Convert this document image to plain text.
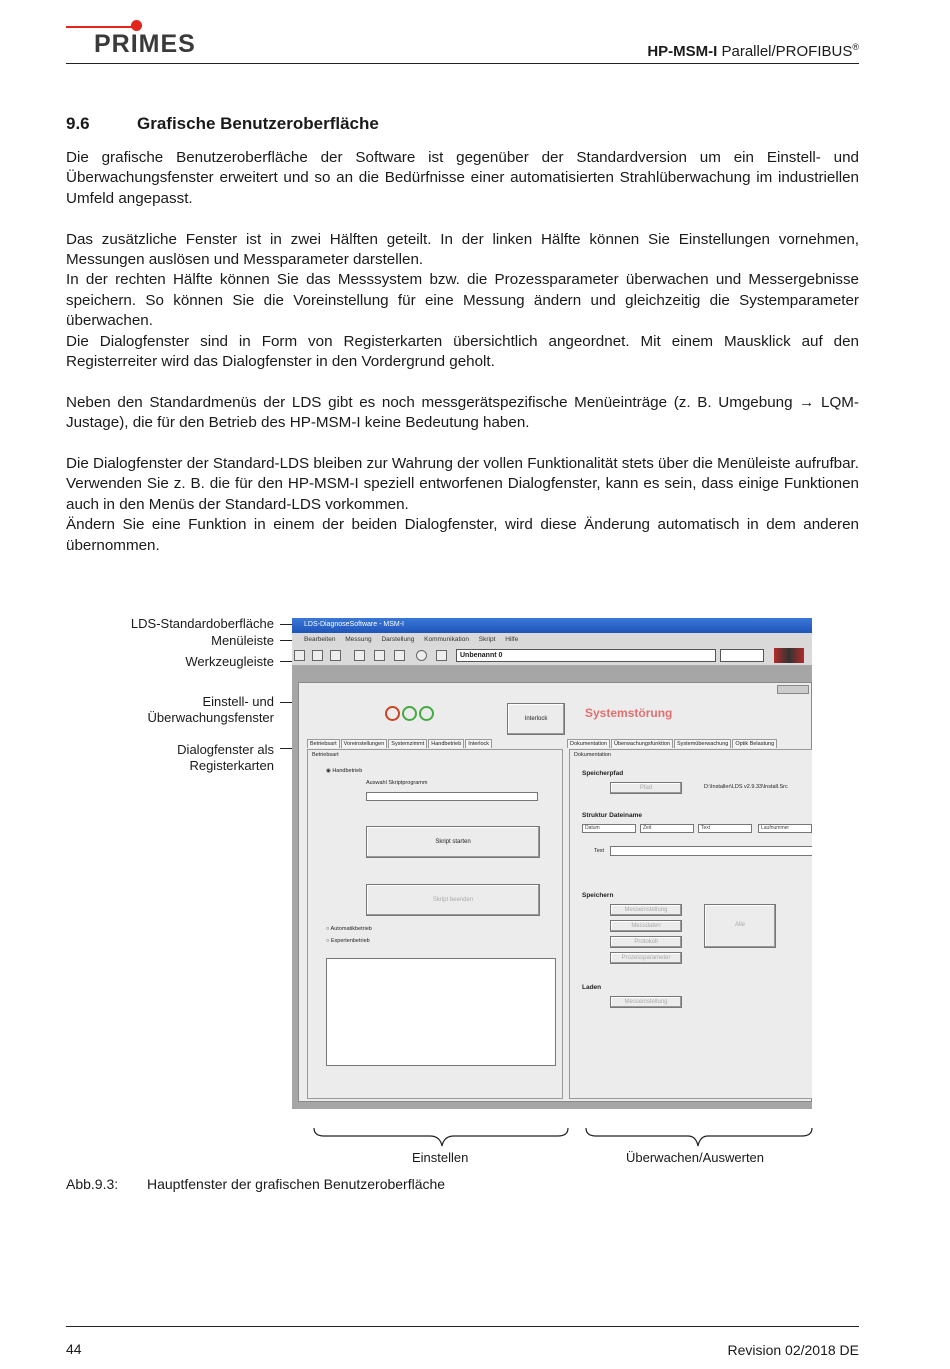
PRIMES	HP-MSM-I Parallel/PROFIBUS®
9.6	Grafische Benutzeroberfläche

Die grafische Benutzeroberfläche der Software ist gegenüber der Standardversion um ein Einstell- und Überwachungsfenster erweitert und so an die Bedürfnisse einer automatisierten Strahlüberwachung im industriellen Umfeld angepasst.

Das zusätzliche Fenster ist in zwei Hälften geteilt. In der linken Hälfte können Sie Einstellungen vornehmen, Messungen auslösen und Messparameter darstellen.

In der rechten Hälfte können Sie das Messsystem bzw. die Prozessparameter überwachen und Messergebnisse speichern. So können Sie die Voreinstellung für eine Messung ändern und gleichzeitig die Systemparameter überwachen.

Die Dialogfenster sind in Form von Registerkarten übersichtlich angeordnet. Mit einem Mausklick auf den Registerreiter wird das Dialogfenster in den Vordergrund geholt.

Neben den Standardmenüs der LDS gibt es noch messgerätspezifische Menüeinträge (z. B. Umgebung → LQM-Justage), die für den Betrieb des HP-MSM-I keine Bedeutung haben.

Die Dialogfenster der Standard-LDS bleiben zur Wahrung der vollen Funktionalität stets über die Menüleiste aufrufbar.

Verwenden Sie z. B. die für den HP-MSM-I speziell entworfenen Dialogfenster, kann es sein, dass einige Funktionen auch in den Menüs der Standard-LDS vorkommen.

Ändern Sie eine Funktion in einem der beiden Dialogfenster, wird diese Änderung automatisch in dem anderen übernommen.

LDS-Standardoberfläche
Menüleiste
Werkzeugleiste
Einstell- und
Überwachungsfenster
Dialogfenster als
Registerkarten
LDS-DiagnoseSoftware - MSM-I
Bearbeiten Messung Darstellung Kommunikation Skript Hilfe
Unbenannt 0
Interlock	Systemstörung
Betriebsart Voreinstellungen Systemzimmt Handbetrieb Interlock	Dokumentation Überwachungsfunktion Systemüberwachung Optik Belastung
Betriebsart
◉ Handbetrieb
Auswahl Skriptprogramm
Skript starten
Skript beenden
○ Automatikbetrieb
○ Expertenbetrieb
Dokumentation
Speicherpfad
Pfad	D:\Installer\LDS v2.9.33\Install.Src
Struktur Dateiname
Datum	Zeit	Text	Laufnummer
Text
Speichern
Messeinstellung
Messdaten
Protokoll
Prozessparameter
Alle
Laden
Messeinstellung
Einstellen	Überwachen/Auswerten
Abb.9.3: Hauptfenster der grafischen Benutzeroberfläche
44	Revision 02/2018 DE
